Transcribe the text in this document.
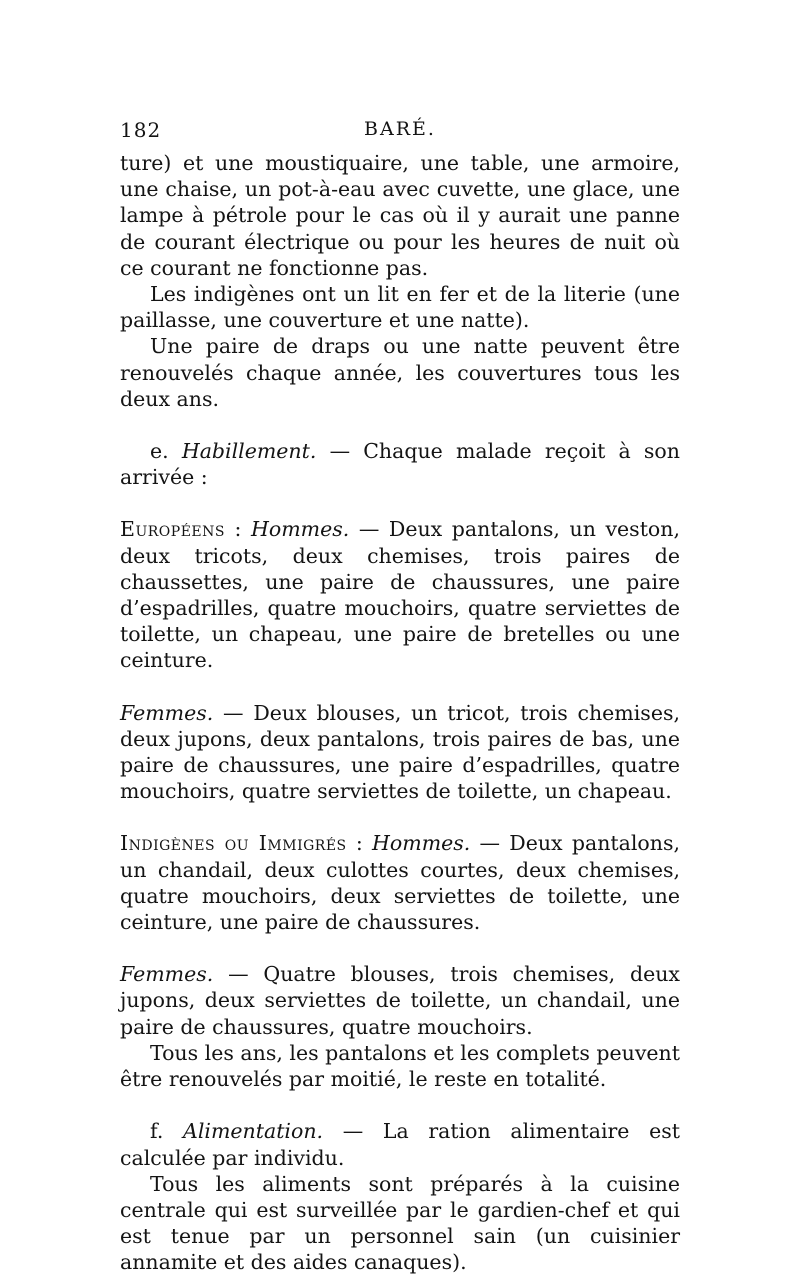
182	BARÉ.

ture) et une moustiquaire, une table, une armoire, une chaise, un pot-à-eau avec cuvette, une glace, une lampe à pétrole pour le cas où il y aurait une panne de courant électrique ou pour les heures de nuit où ce courant ne fonctionne pas.

Les indigènes ont un lit en fer et de la literie (une paillasse, une couverture et une natte).

Une paire de draps ou une natte peuvent être renouvelés chaque année, les couvertures tous les deux ans.

e. Habillement. — Chaque malade reçoit à son arrivée :

Européens : Hommes. — Deux pantalons, un veston, deux tricots, deux chemises, trois paires de chaussettes, une paire de chaussures, une paire d’espadrilles, quatre mouchoirs, quatre serviettes de toilette, un chapeau, une paire de bretelles ou une ceinture.

Femmes. — Deux blouses, un tricot, trois chemises, deux jupons, deux pantalons, trois paires de bas, une paire de chaussures, une paire d’espadrilles, quatre mouchoirs, quatre serviettes de toilette, un chapeau.

Indigènes ou Immigrés : Hommes. — Deux pantalons, un chandail, deux culottes courtes, deux chemises, quatre mouchoirs, deux serviettes de toilette, une ceinture, une paire de chaussures.

Femmes. — Quatre blouses, trois chemises, deux jupons, deux serviettes de toilette, un chandail, une paire de chaussures, quatre mouchoirs.

Tous les ans, les pantalons et les complets peuvent être renouvelés par moitié, le reste en totalité.

f. Alimentation. — La ration alimentaire est calculée par individu.

Tous les aliments sont préparés à la cuisine centrale qui est surveillée par le gardien-chef et qui est tenue par un personnel sain (un cuisinier annamite et des aides canaques).
